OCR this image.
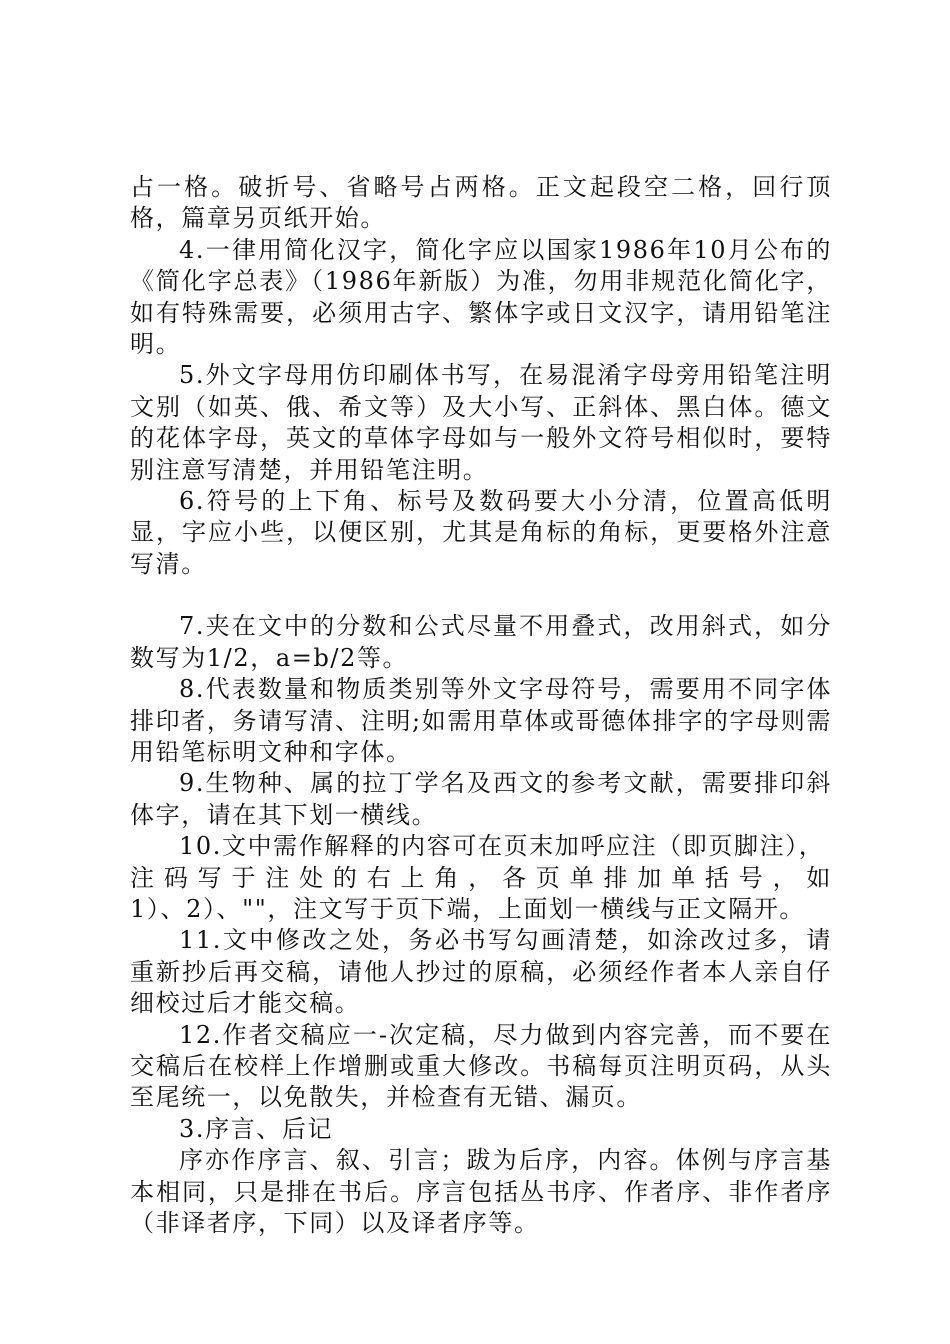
占一格。破折号、省略号占两格。正文起段空二格，回行顶格，篇章另页纸开始。

4.一律用简化汉字，简化字应以国家1986年10月公布的《简化字总表》（1986年新版）为准，勿用非规范化简化字，如有特殊需要，必须用古字、繁体字或日文汉字，请用铅笔注明。

5.外文字母用仿印刷体书写，在易混淆字母旁用铅笔注明文别（如英、俄、希文等）及大小写、正斜体、黑白体。德文的花体字母，英文的草体字母如与一般外文符号相似时，要特别注意写清楚，并用铅笔注明。

6.符号的上下角、标号及数码要大小分清，位置高低明显，字应小些，以便区别，尤其是角标的角标，更要格外注意写清。

7.夹在文中的分数和公式尽量不用叠式，改用斜式，如分数写为1/2，a=b/2等。

8.代表数量和物质类别等外文字母符号，需要用不同字体排印者，务请写清、注明;如需用草体或哥德体排字的字母则需用铅笔标明文种和字体。

9.生物种、属的拉丁学名及西文的参考文献，需要排印斜体字，请在其下划一横线。

10.文中需作解释的内容可在页末加呼应注（即页脚注），

注码写于注处的右上角，各页单排加单括号，如

1）、2）、""，注文写于页下端，上面划一横线与正文隔开。

11.文中修改之处，务必书写勾画清楚，如涂改过多，请重新抄后再交稿，请他人抄过的原稿，必须经作者本人亲自仔细校过后才能交稿。

12.作者交稿应一-次定稿，尽力做到内容完善，而不要在交稿后在校样上作增删或重大修改。书稿每页注明页码，从头至尾统一，以免散失，并检查有无错、漏页。

3.序言、后记

序亦作序言、叙、引言；跋为后序，内容。体例与序言基本相同，只是排在书后。序言包括丛书序、作者序、非作者序（非译者序，下同）以及译者序等。
